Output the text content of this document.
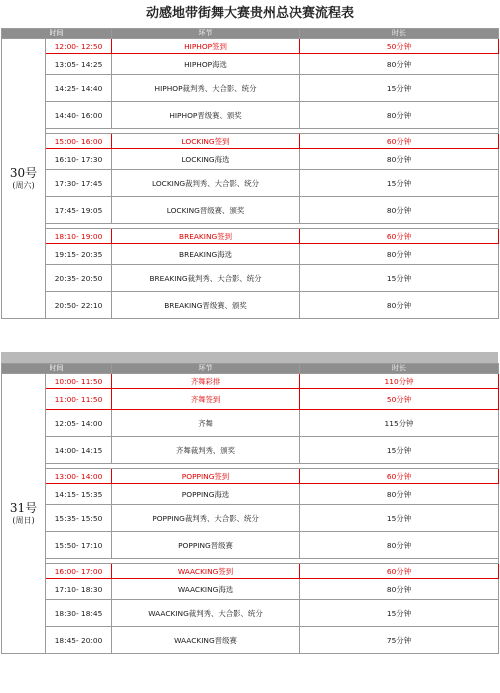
动感地带街舞大赛贵州总决赛流程表
时间		环节	时长

30号
(周六)	12:00- 12:50	HIPHOP签到	50分钟
	13:05- 14:25	HIPHOP海选	80分钟
	14:25- 14:40	HIPHOP裁判秀、大合影、统分	15分钟
	14:40- 16:00	HIPHOP晋级赛、颁奖	80分钟

	15:00- 16:00	LOCKING签到	60分钟
	16:10- 17:30	LOCKING海选	80分钟
	17:30- 17:45	LOCKING裁判秀、大合影、统分	15分钟
	17:45- 19:05	LOCKING晋级赛、颁奖	80分钟

	18:10- 19:00	BREAKING签到	60分钟
	19:15- 20:35	BREAKING海选	80分钟
	20:35- 20:50	BREAKING裁判秀、大合影、统分	15分钟
	20:50- 22:10	BREAKING晋级赛、颁奖	80分钟
时间		环节	时长

31号
(周日)	10:00- 11:50	齐舞彩排	110分钟
	11:00- 11:50	齐舞签到	50分钟
	12:05- 14:00	齐舞	115分钟
	14:00- 14:15	齐舞裁判秀、颁奖	15分钟

	13:00- 14:00	POPPING签到	60分钟
	14:15- 15:35	POPPING海选	80分钟
	15:35- 15:50	POPPING裁判秀、大合影、统分	15分钟
	15:50- 17:10	POPPING晋级赛	80分钟

	16:00- 17:00	WAACKING签到	60分钟
	17:10- 18:30	WAACKING海选	80分钟
	18:30- 18:45	WAACKING裁判秀、大合影、统分	15分钟
	18:45- 20:00	WAACKING晋级赛	75分钟
